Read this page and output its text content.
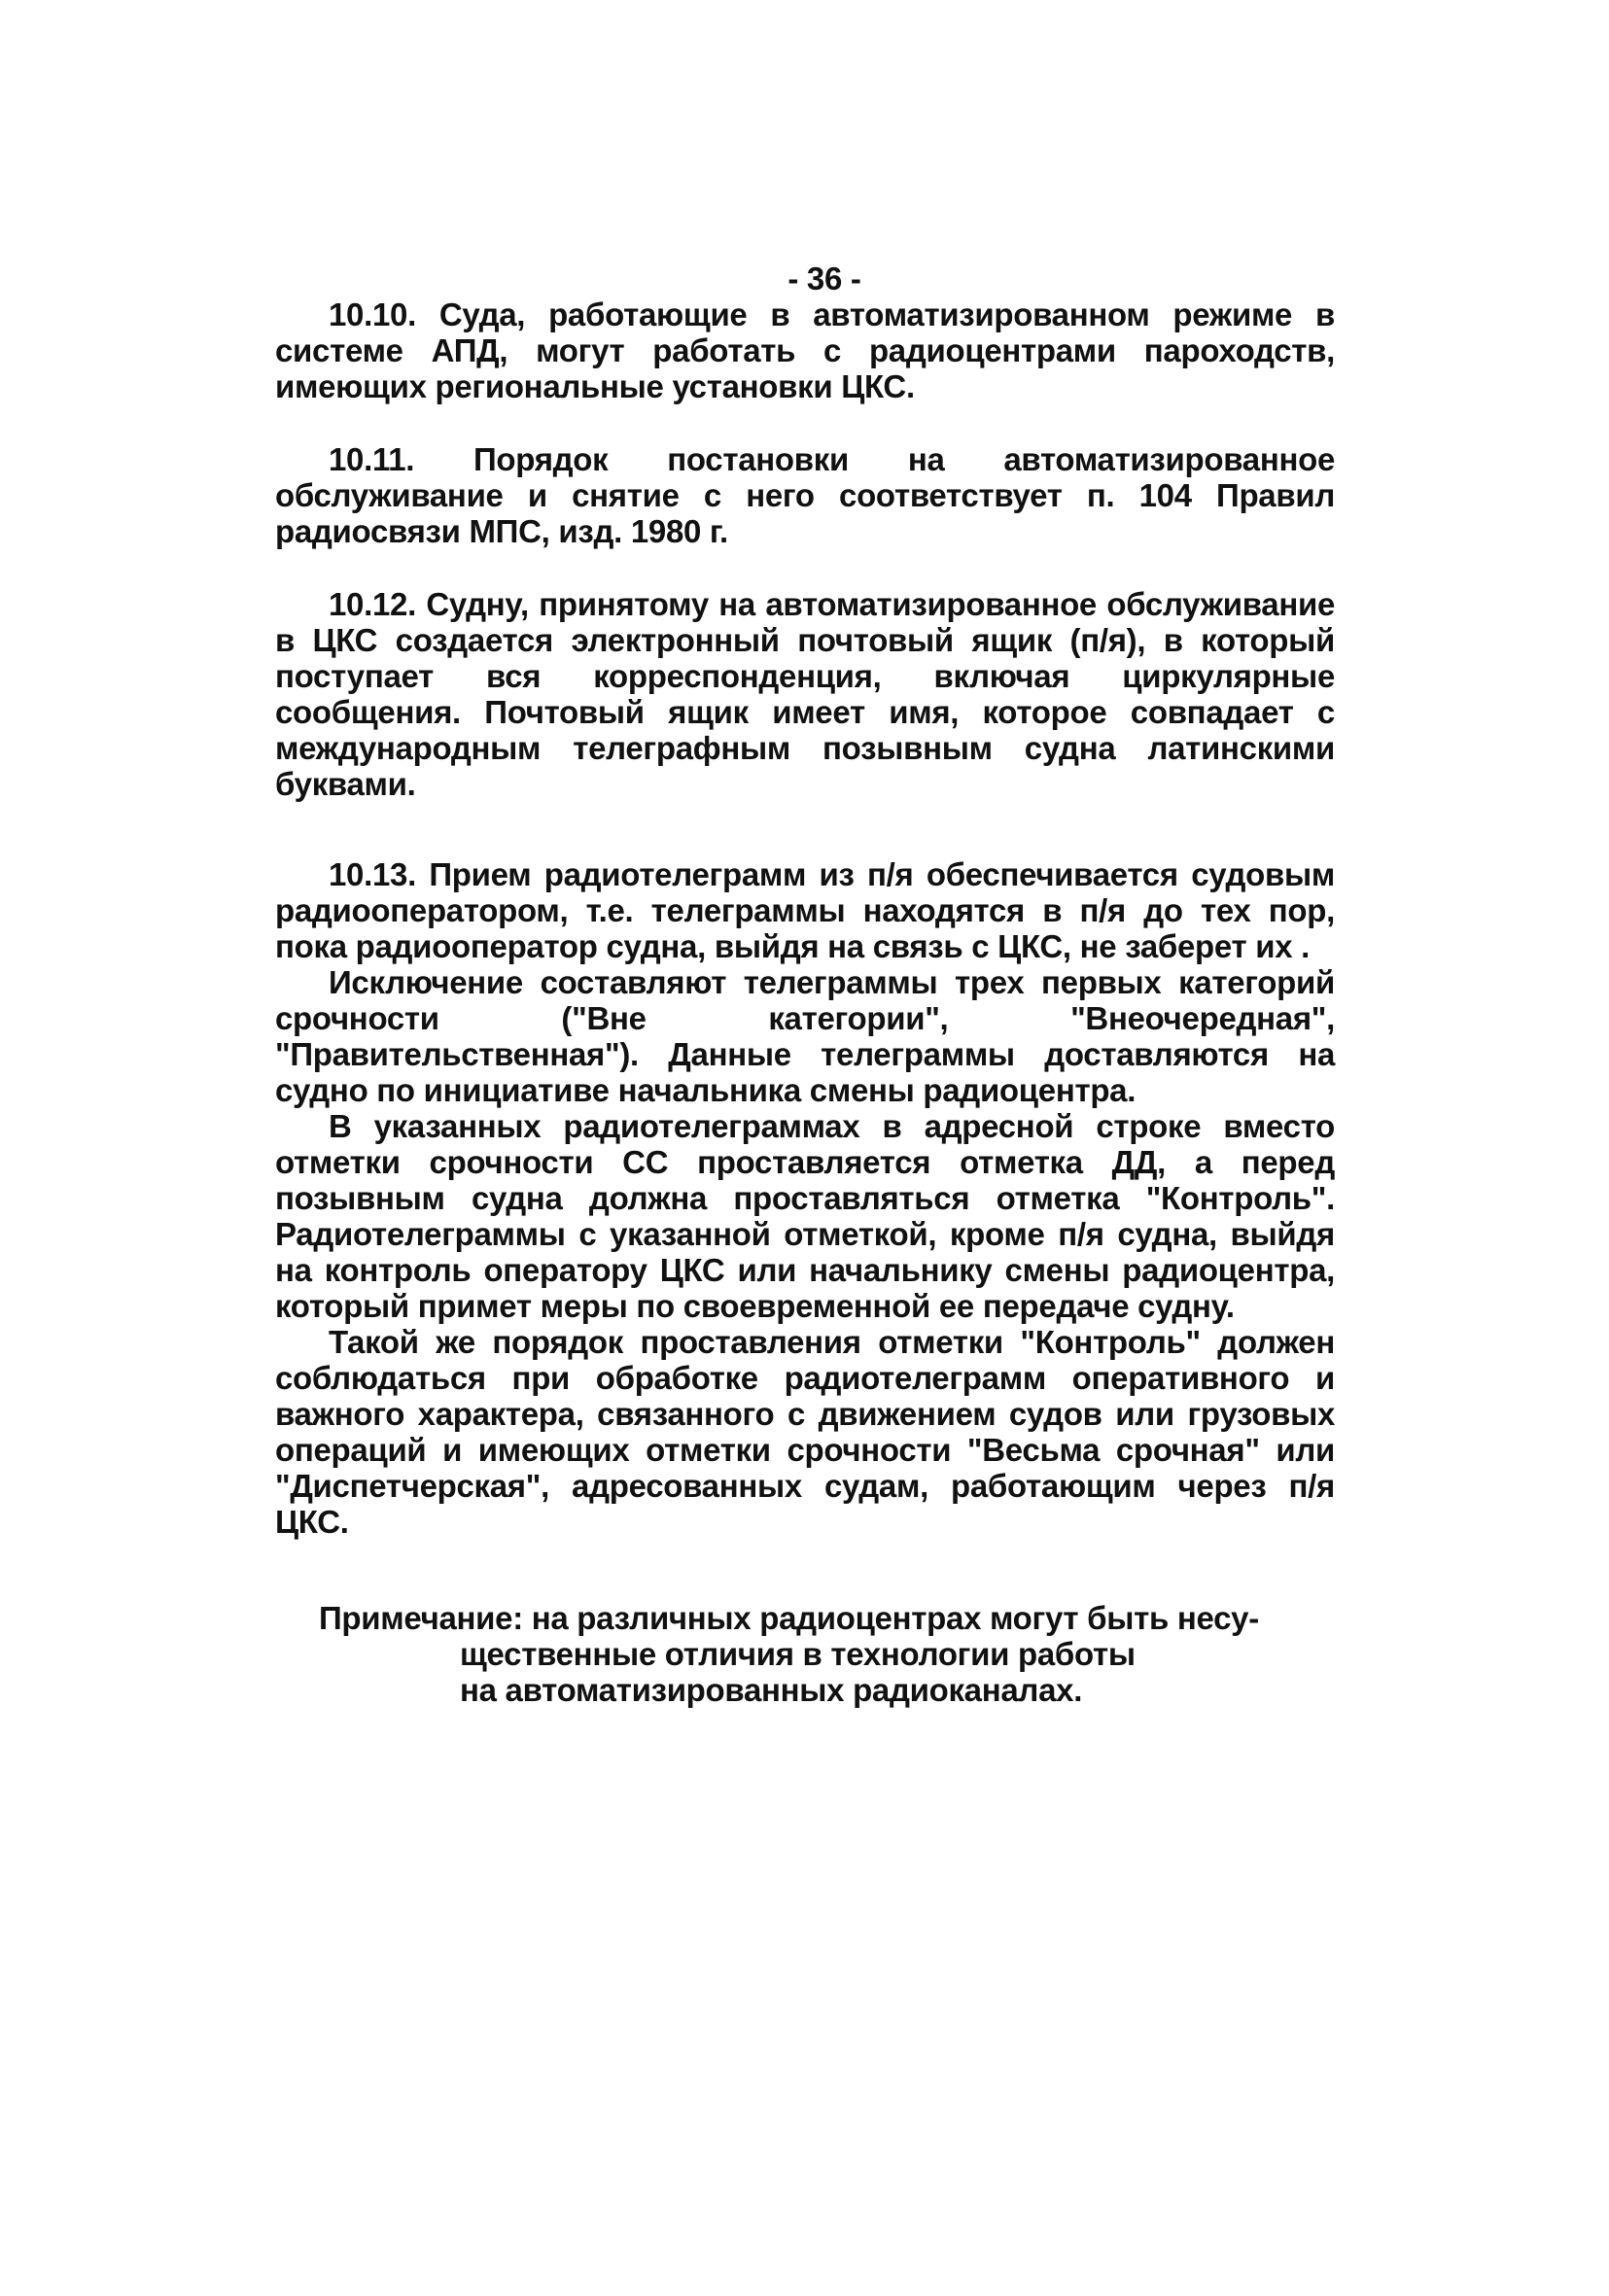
- 36 -

10.10. Суда, работающие в автоматизированном режиме в системе АПД, могут работать с радиоцентрами пароходств, имеющих региональные установки ЦКС.

10.11. Порядок постановки на автоматизированное обслуживание и снятие с него соответствует п. 104 Правил радиосвязи МПС, изд. 1980 г.

10.12. Судну, принятому на автоматизированное обслуживание в ЦКС создается электронный почтовый ящик (п/я), в который поступает вся корреспонденция, включая циркулярные сообщения. Почтовый ящик имеет имя, которое совпадает с международным телеграфным позывным судна латинскими буквами.

10.13. Прием радиотелеграмм из п/я обеспечивается судовым радиооператором, т.е. телеграммы находятся в п/я до тех пор, пока радиооператор судна, выйдя на связь с ЦКС, не заберет их .

Исключение составляют телеграммы трех первых категорий срочности ("Вне категории", "Внеочередная", "Правительственная"). Данные телеграммы доставляются на судно по инициативе начальника смены радиоцентра.

В указанных радиотелеграммах в адресной строке вместо отметки срочности СС проставляется отметка ДД, а перед позывным судна должна проставляться отметка "Контроль". Радиотелеграммы с указанной отметкой, кроме п/я судна, выйдя на контроль оператору ЦКС или начальнику смены радиоцентра, который примет меры по своевременной ее передаче судну.

Такой же порядок проставления отметки "Контроль" должен соблюдаться при обработке радиотелеграмм оперативного и важного характера, связанного с движением судов или грузовых операций и имеющих отметки срочности "Весьма срочная" или "Диспетчерская", адресованных судам, работающим через п/я ЦКС.

Примечание: на различных радиоцентрах могут быть несу-
щественные отличия в технологии работы на автоматизированных радиоканалах.
